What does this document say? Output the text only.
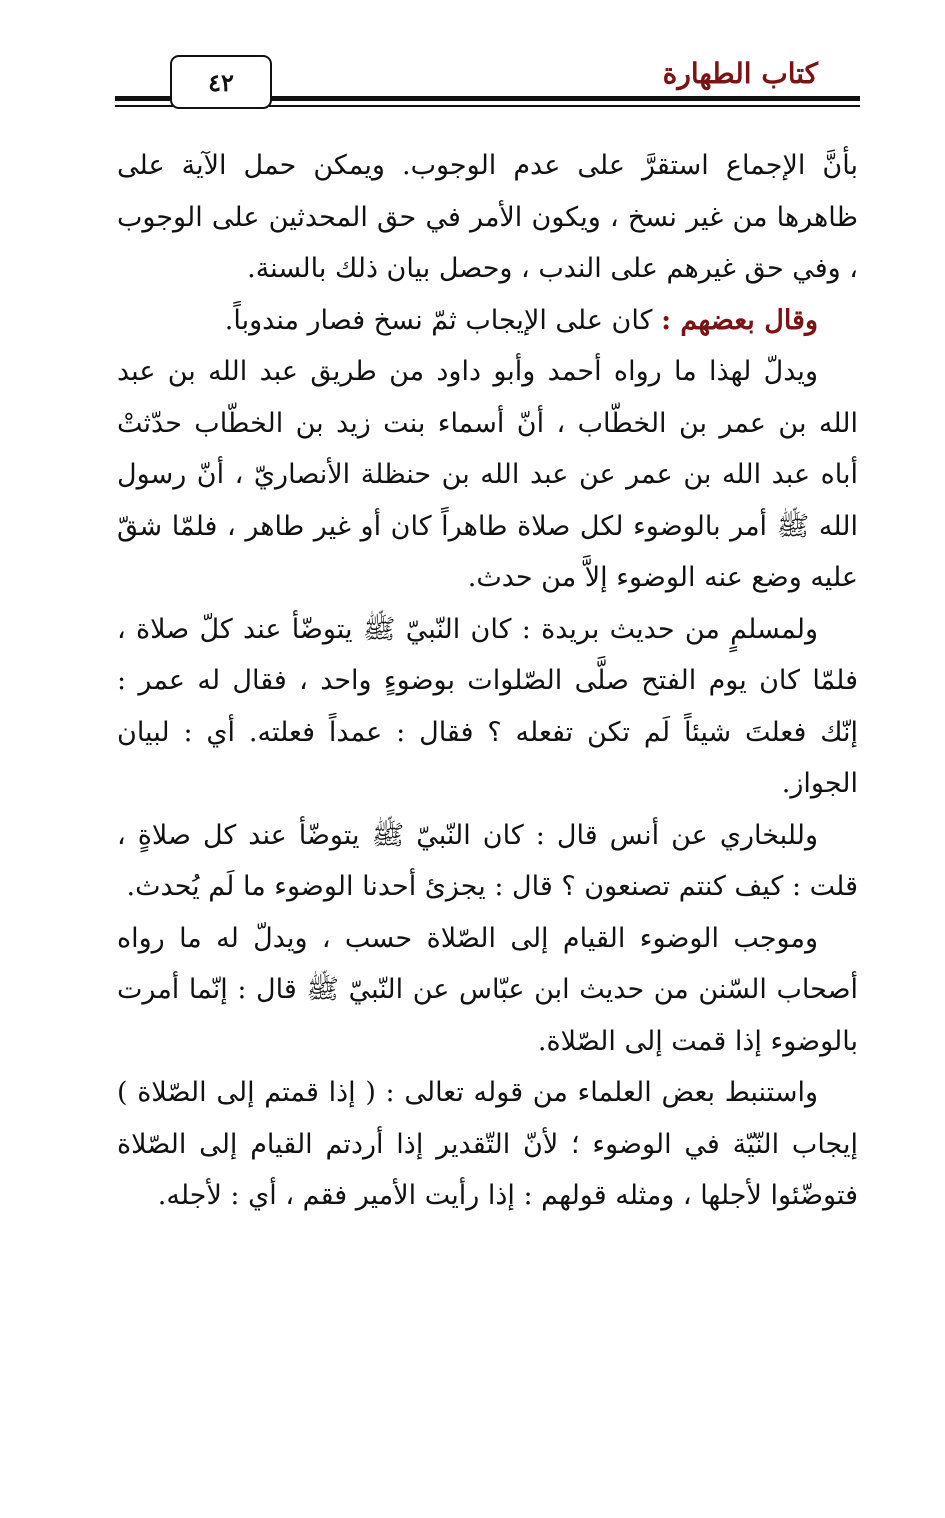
كتاب الطهارة
٤٢

بأنَّ الإجماع استقرَّ على عدم الوجوب. ويمكن حمل الآية على ظاهرها من غير نسخ ، ويكون الأمر في حق المحدثين على الوجوب ، وفي حق غيرهم على الندب ، وحصل بيان ذلك بالسنة.

وقال بعضهم : كان على الإيجاب ثمّ نسخ فصار مندوباً.

ويدلّ لهذا ما رواه أحمد وأبو داود من طريق عبد الله بن عبد الله بن عمر بن الخطّاب ، أنّ أسماء بنت زيد بن الخطّاب حدّثتْ أباه عبد الله بن عمر عن عبد الله بن حنظلة الأنصاريّ ، أنّ رسول الله ﷺ أمر بالوضوء لكل صلاة طاهراً كان أو غير طاهر ، فلمّا شقّ عليه وضع عنه الوضوء إلاَّ من حدث.

ولمسلمٍ من حديث بريدة : كان النّبيّ ﷺ يتوضّأ عند كلّ صلاة ، فلمّا كان يوم الفتح صلَّى الصّلوات بوضوءٍ واحد ، فقال له عمر : إنّك فعلتَ شيئاً لَم تكن تفعله ؟ فقال : عمداً فعلته. أي : لبيان الجواز.

وللبخاري عن أنس قال : كان النّبيّ ﷺ يتوضّأ عند كل صلاةٍ ، قلت : كيف كنتم تصنعون ؟ قال : يجزئ أحدنا الوضوء ما لَم يُحدث.

وموجب الوضوء القيام إلى الصّلاة حسب ، ويدلّ له ما رواه أصحاب السّنن من حديث ابن عبّاس عن النّبيّ ﷺ قال : إنّما أمرت بالوضوء إذا قمت إلى الصّلاة.

واستنبط بعض العلماء من قوله تعالى : ( إذا قمتم إلى الصّلاة ) إيجاب النّيّة في الوضوء ؛ لأنّ التّقدير إذا أردتم القيام إلى الصّلاة فتوضّئوا لأجلها ، ومثله قولهم : إذا رأيت الأمير فقم ، أي : لأجله.
